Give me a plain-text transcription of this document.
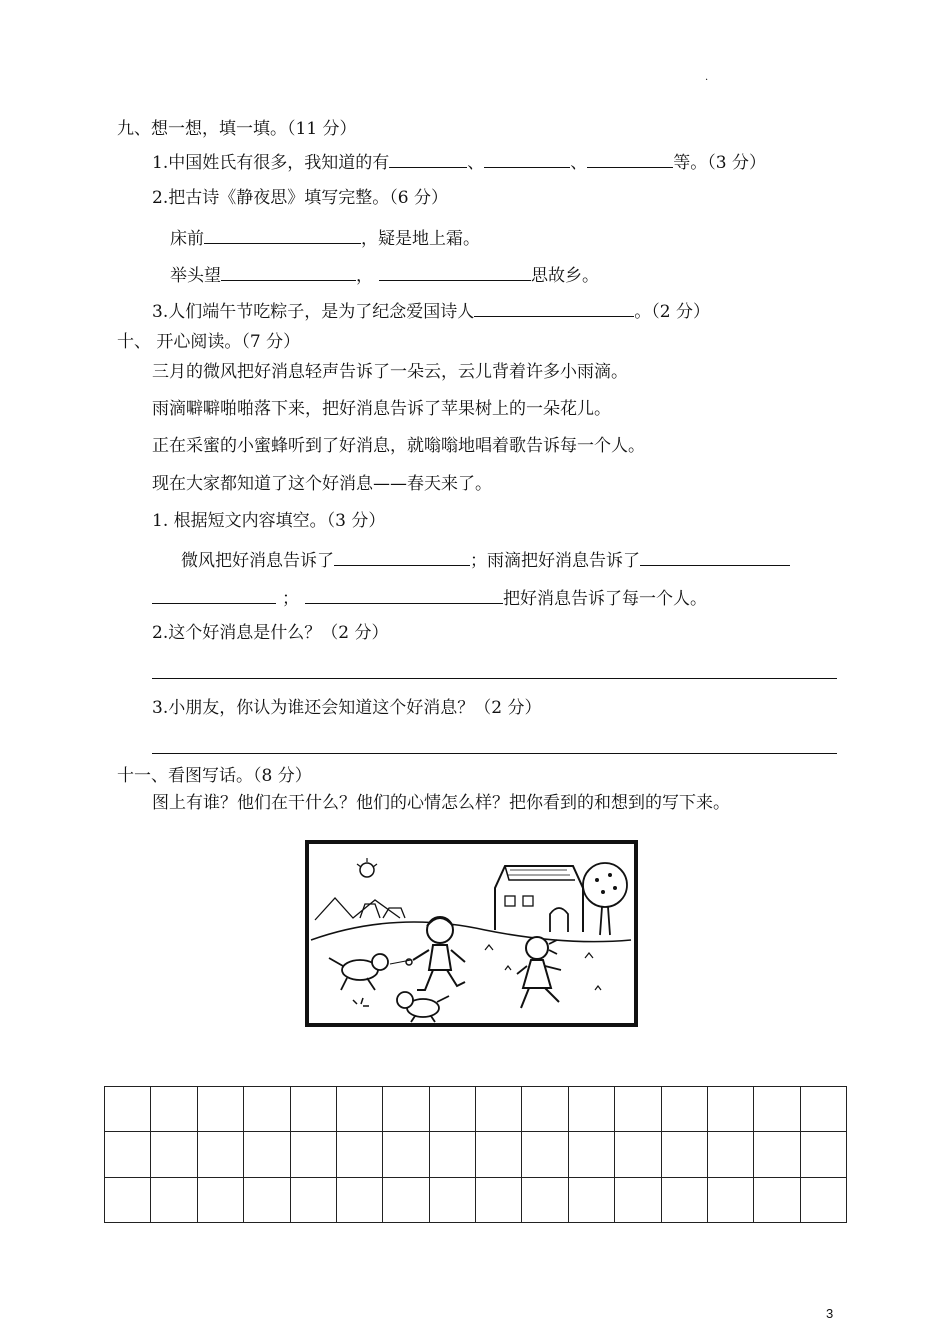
.
九、想一想，填一填。（11 分）
1.中国姓氏有很多，我知道的有	、	、	等。（3 分）
2.把古诗《静夜思》填写完整。（6 分）
床前	，疑是地上霜。
举头望	，	思故乡。
3.人们端午节吃粽子，是为了纪念爱国诗人	。（2 分）
十、 开心阅读。（7 分）
三月的微风把好消息轻声告诉了一朵云，云儿背着许多小雨滴。
雨滴噼噼啪啪落下来，把好消息告诉了苹果树上的一朵花儿。
正在采蜜的小蜜蜂听到了好消息，就嗡嗡地唱着歌告诉每一个人。
现在大家都知道了这个好消息——春天来了。
1. 根据短文内容填空。（3 分）
微风把好消息告诉了	；雨滴把好消息告诉了
；	把好消息告诉了每一个人。
2.这个好消息是什么？（2 分）
3.小朋友，你认为谁还会知道这个好消息？（2 分）
十一、看图写话。（8 分）
图上有谁？他们在干什么？他们的心情怎么样？把你看到的和想到的写下来。

3
